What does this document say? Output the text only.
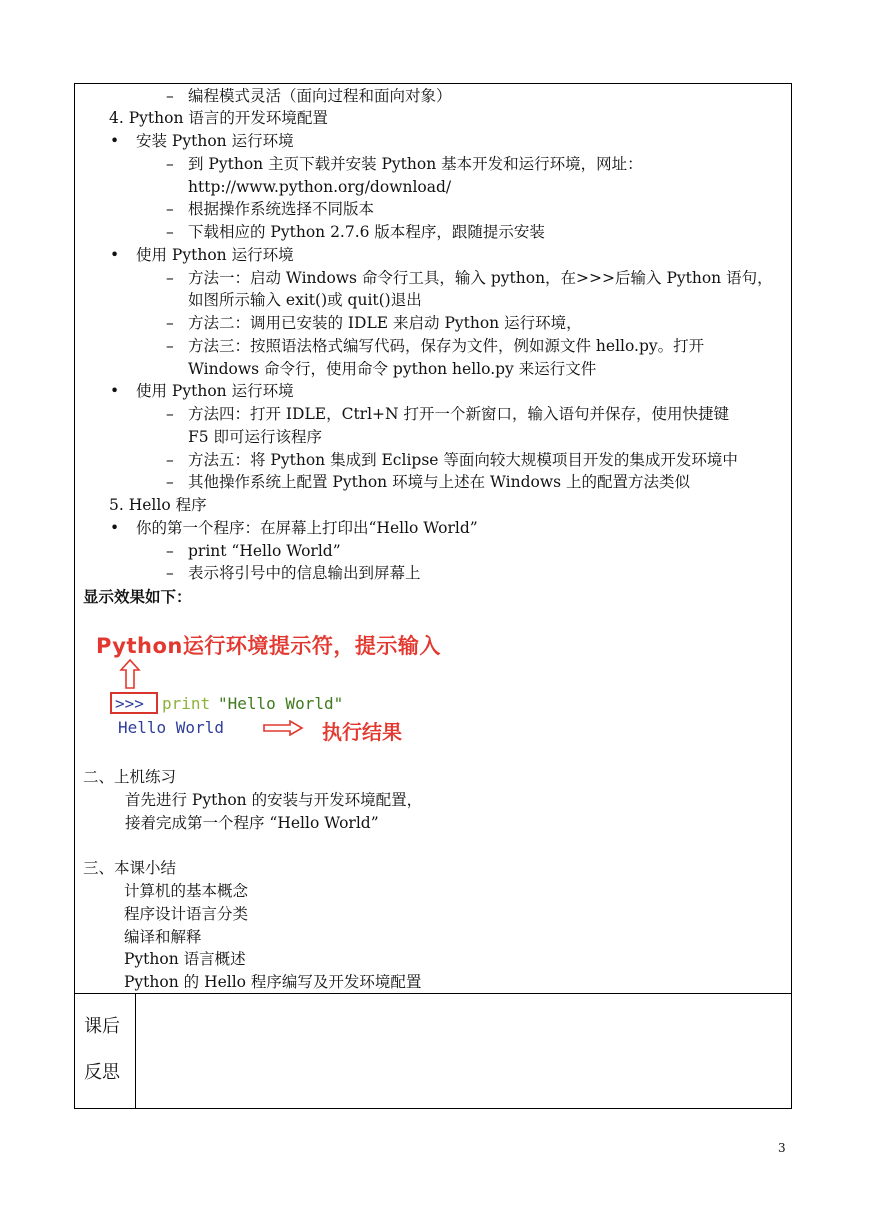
– 编程模式灵活（面向过程和面向对象）
4. Python 语言的开发环境配置
• 安装 Python 运行环境
– 到 Python 主页下载并安装 Python 基本开发和运行环境，网址：
http://www.python.org/download/
– 根据操作系统选择不同版本
– 下载相应的 Python 2.7.6 版本程序，跟随提示安装
• 使用 Python 运行环境
– 方法一：启动 Windows 命令行工具，输入 python，在>>>后输入 Python 语句，
如图所示输入 exit()或 quit()退出
– 方法二：调用已安装的 IDLE 来启动 Python 运行环境，
– 方法三：按照语法格式编写代码，保存为文件，例如源文件 hello.py。打开
Windows 命令行，使用命令 python hello.py 来运行文件
• 使用 Python 运行环境
– 方法四：打开 IDLE，Ctrl+N 打开一个新窗口，输入语句并保存，使用快捷键
F5 即可运行该程序
– 方法五：将 Python 集成到 Eclipse 等面向较大规模项目开发的集成开发环境中
– 其他操作系统上配置 Python 环境与上述在 Windows 上的配置方法类似
5. Hello 程序
• 你的第一个程序：在屏幕上打印出“Hello World”
– print “Hello World”
– 表示将引号中的信息输出到屏幕上
显示效果如下：
Python运行环境提示符，提示输入
>>> print "Hello World"
Hello World	执行结果
二、上机练习
首先进行 Python 的安装与开发环境配置，
接着完成第一个程序 “Hello World”
三、本课小结
计算机的基本概念
程序设计语言分类
编译和解释
Python 语言概述
Python 的 Hello 程序编写及开发环境配置
课后
反思
3
